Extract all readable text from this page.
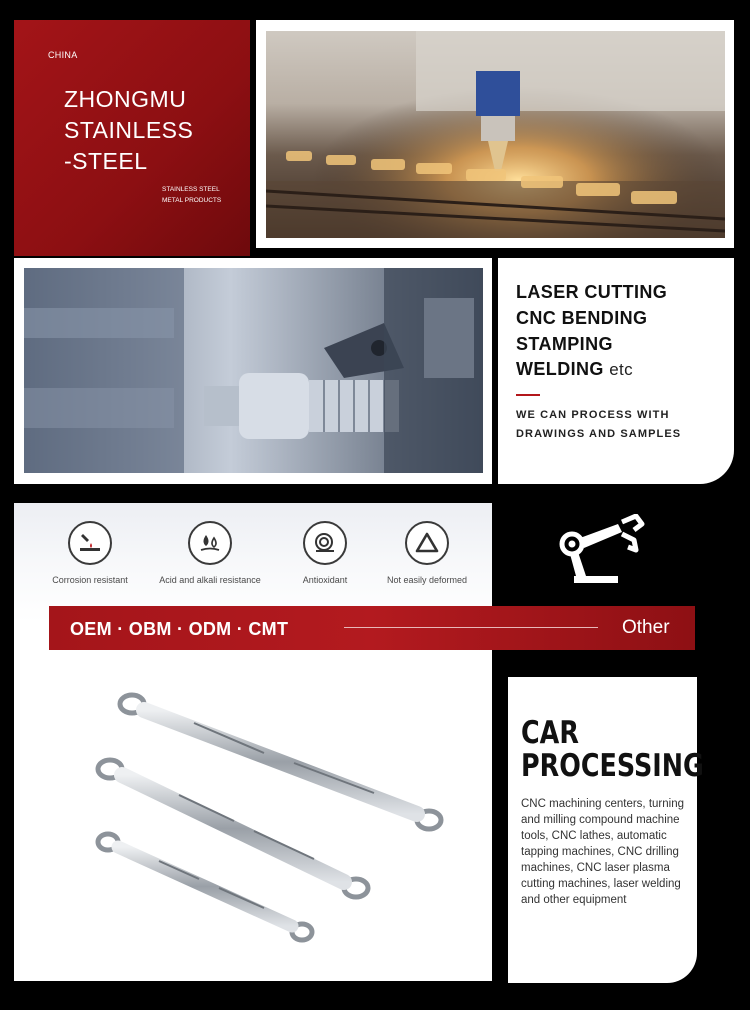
CHINA
ZHONGMU
STAINLESS
-STEEL
STAINLESS STEEL
METAL PRODUCTS
LASER CUTTING
CNC BENDING
STAMPING
WELDING etc
WE CAN PROCESS WITH
DRAWINGS AND SAMPLES
Corrosion resistant	Acid and alkali resistance	Antioxidant	Not easily deformed
OEM · OBM · ODM · CMT	Other
CAR
PROCESSING
CNC machining centers, turning and milling compound machine tools, CNC lathes, automatic tapping machines, CNC drilling machines, CNC laser plasma cutting machines, laser welding and other equipment
